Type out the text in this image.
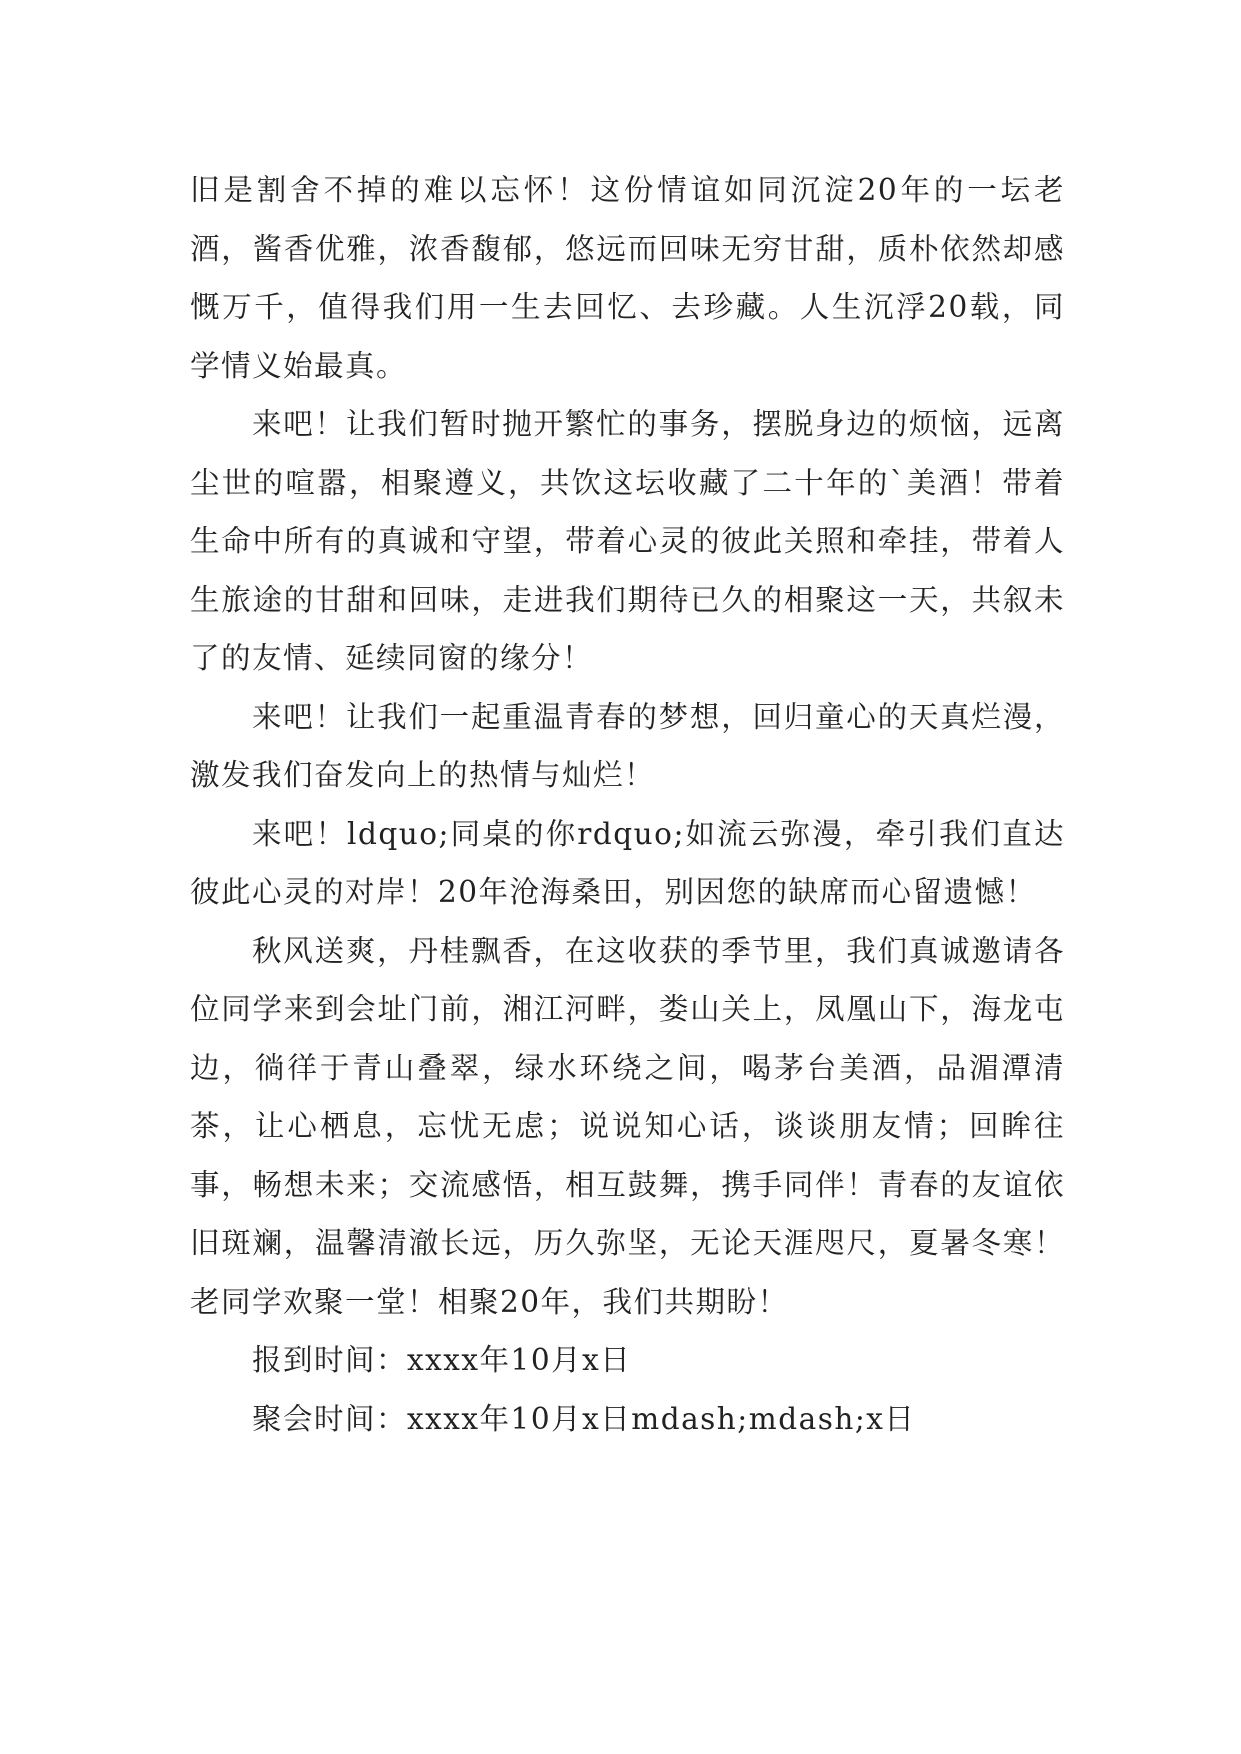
旧是割舍不掉的难以忘怀！这份情谊如同沉淀20年的一坛老酒，酱香优雅，浓香馥郁，悠远而回味无穷甘甜，质朴依然却感慨万千，值得我们用一生去回忆、去珍藏。人生沉浮20载，同学情义始最真。

来吧！让我们暂时抛开繁忙的事务，摆脱身边的烦恼，远离尘世的喧嚣，相聚遵义，共饮这坛收藏了二十年的`美酒！带着生命中所有的真诚和守望，带着心灵的彼此关照和牵挂，带着人生旅途的甘甜和回味，走进我们期待已久的相聚这一天，共叙未了的友情、延续同窗的缘分！

来吧！让我们一起重温青春的梦想，回归童心的天真烂漫，激发我们奋发向上的热情与灿烂！

来吧！ldquo;同桌的你rdquo;如流云弥漫，牵引我们直达彼此心灵的对岸！20年沧海桑田，别因您的缺席而心留遗憾！

秋风送爽，丹桂飘香，在这收获的季节里，我们真诚邀请各位同学来到会址门前，湘江河畔，娄山关上，凤凰山下，海龙屯边，徜徉于青山叠翠，绿水环绕之间，喝茅台美酒，品湄潭清茶，让心栖息，忘忧无虑；说说知心话，谈谈朋友情；回眸往事，畅想未来；交流感悟，相互鼓舞，携手同伴！青春的友谊依旧斑斓，温馨清澈长远，历久弥坚，无论天涯咫尺，夏暑冬寒！老同学欢聚一堂！相聚20年，我们共期盼！

报到时间：xxxx年10月x日

聚会时间：xxxx年10月x日mdash;mdash;x日
